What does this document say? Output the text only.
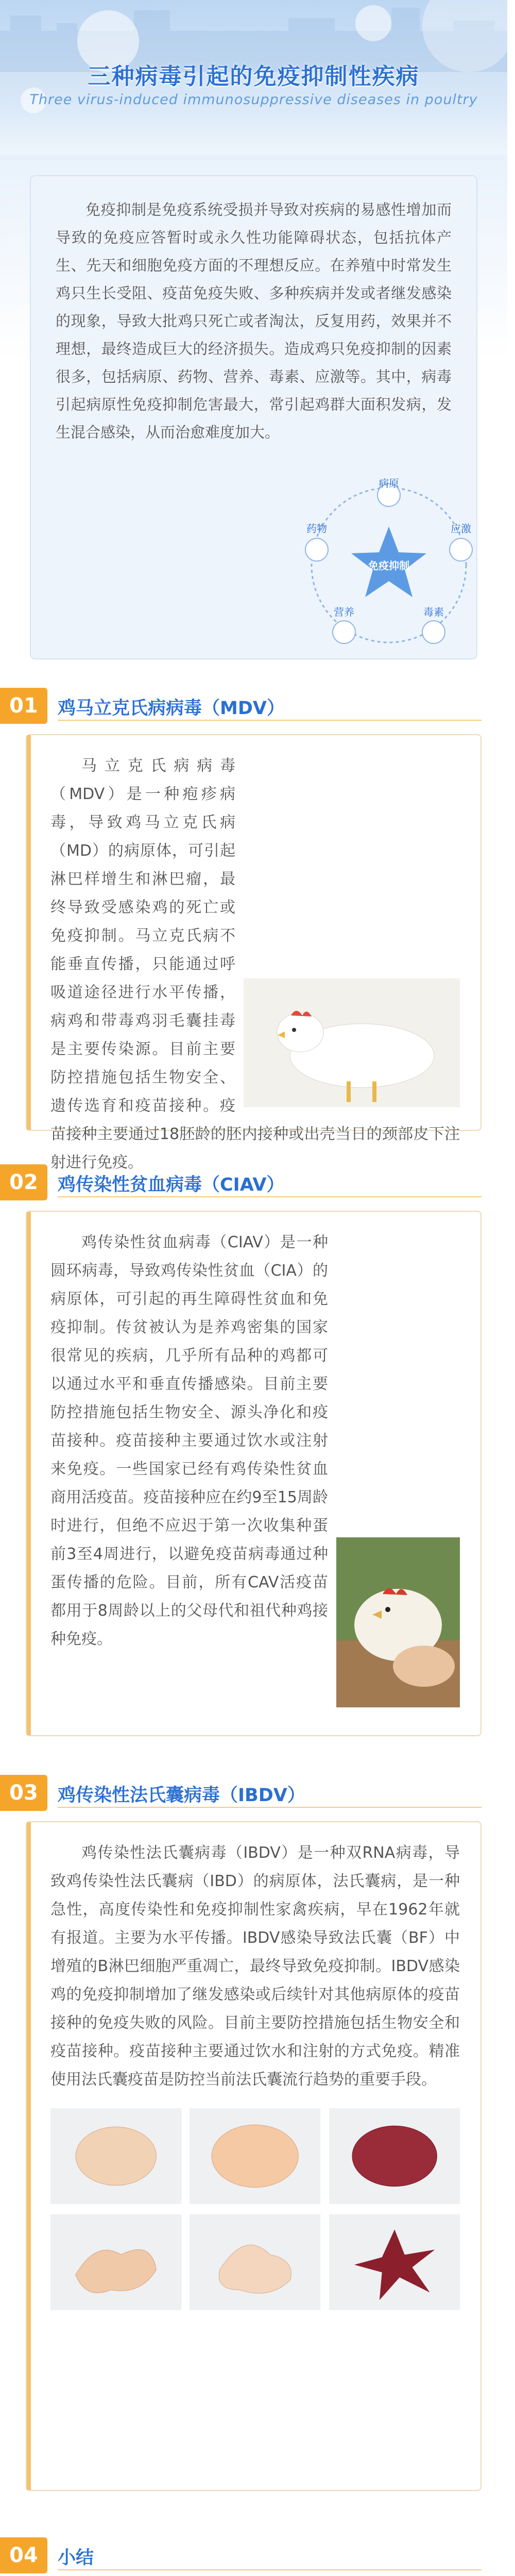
三种病毒引起的免疫抑制性疾病
Three virus-induced immunosuppressive diseases in poultry

免疫抑制是免疫系统受损并导致对疾病的易感性增加而导致的免疫应答暂时或永久性功能障碍状态，包括抗体产生、先天和细胞免疫方面的不理想反应。在养殖中时常发生鸡只生长受阻、疫苗免疫失败、多种疾病并发或者继发感染的现象，导致大批鸡只死亡或者淘汰，反复用药，效果并不理想，最终造成巨大的经济损失。造成鸡只免疫抑制的因素很多，包括病原、药物、营养、毒素、应激等。其中，病毒引起病原性免疫抑制危害最大，常引起鸡群大面积发病，发生混合感染，从而治愈难度加大。

免疫抑制
病原
应激
毒素
营养
药物
01	鸡马立克氏病病毒（MDV）

马立克氏病病毒（MDV）是一种疱疹病毒，导致鸡马立克氏病（MD）的病原体，可引起淋巴样增生和淋巴瘤，最终导致受感染鸡的死亡或免疫抑制。马立克氏病不能垂直传播，只能通过呼吸道途径进行水平传播，病鸡和带毒鸡羽毛囊挂毒是主要传染源。目前主要防控措施包括生物安全、遗传选育和疫苗接种。疫苗接种主要通过18胚龄的胚内接种或出壳当日的颈部皮下注射进行免疫。

02	鸡传染性贫血病毒（CIAV）

鸡传染性贫血病毒（CIAV）是一种圆环病毒，导致鸡传染性贫血（CIA）的病原体，可引起的再生障碍性贫血和免疫抑制。传贫被认为是养鸡密集的国家很常见的疾病，几乎所有品种的鸡都可以通过水平和垂直传播感染。目前主要防控措施包括生物安全、源头净化和疫苗接种。疫苗接种主要通过饮水或注射来免疫。一些国家已经有鸡传染性贫血商用活疫苗。疫苗接种应在约9至15周龄时进行，但绝不应迟于第一次收集种蛋前3至4周进行，以避免疫苗病毒通过种蛋传播的危险。目前，所有CAV活疫苗都用于8周龄以上的父母代和祖代种鸡接种免疫。

03	鸡传染性法氏囊病毒（IBDV）

鸡传染性法氏囊病毒（IBDV）是一种双RNA病毒，导致鸡传染性法氏囊病（IBD）的病原体，法氏囊病，是一种急性，高度传染性和免疫抑制性家禽疾病，早在1962年就有报道。主要为水平传播。IBDV感染导致法氏囊（BF）中增殖的B淋巴细胞严重凋亡，最终导致免疫抑制。IBDV感染鸡的免疫抑制增加了继发感染或后续针对其他病原体的疫苗接种的免疫失败的风险。目前主要防控措施包括生物安全和疫苗接种。疫苗接种主要通过饮水和注射的方式免疫。精准使用法氏囊疫苗是防控当前法氏囊流行趋势的重要手段。

04	小结
